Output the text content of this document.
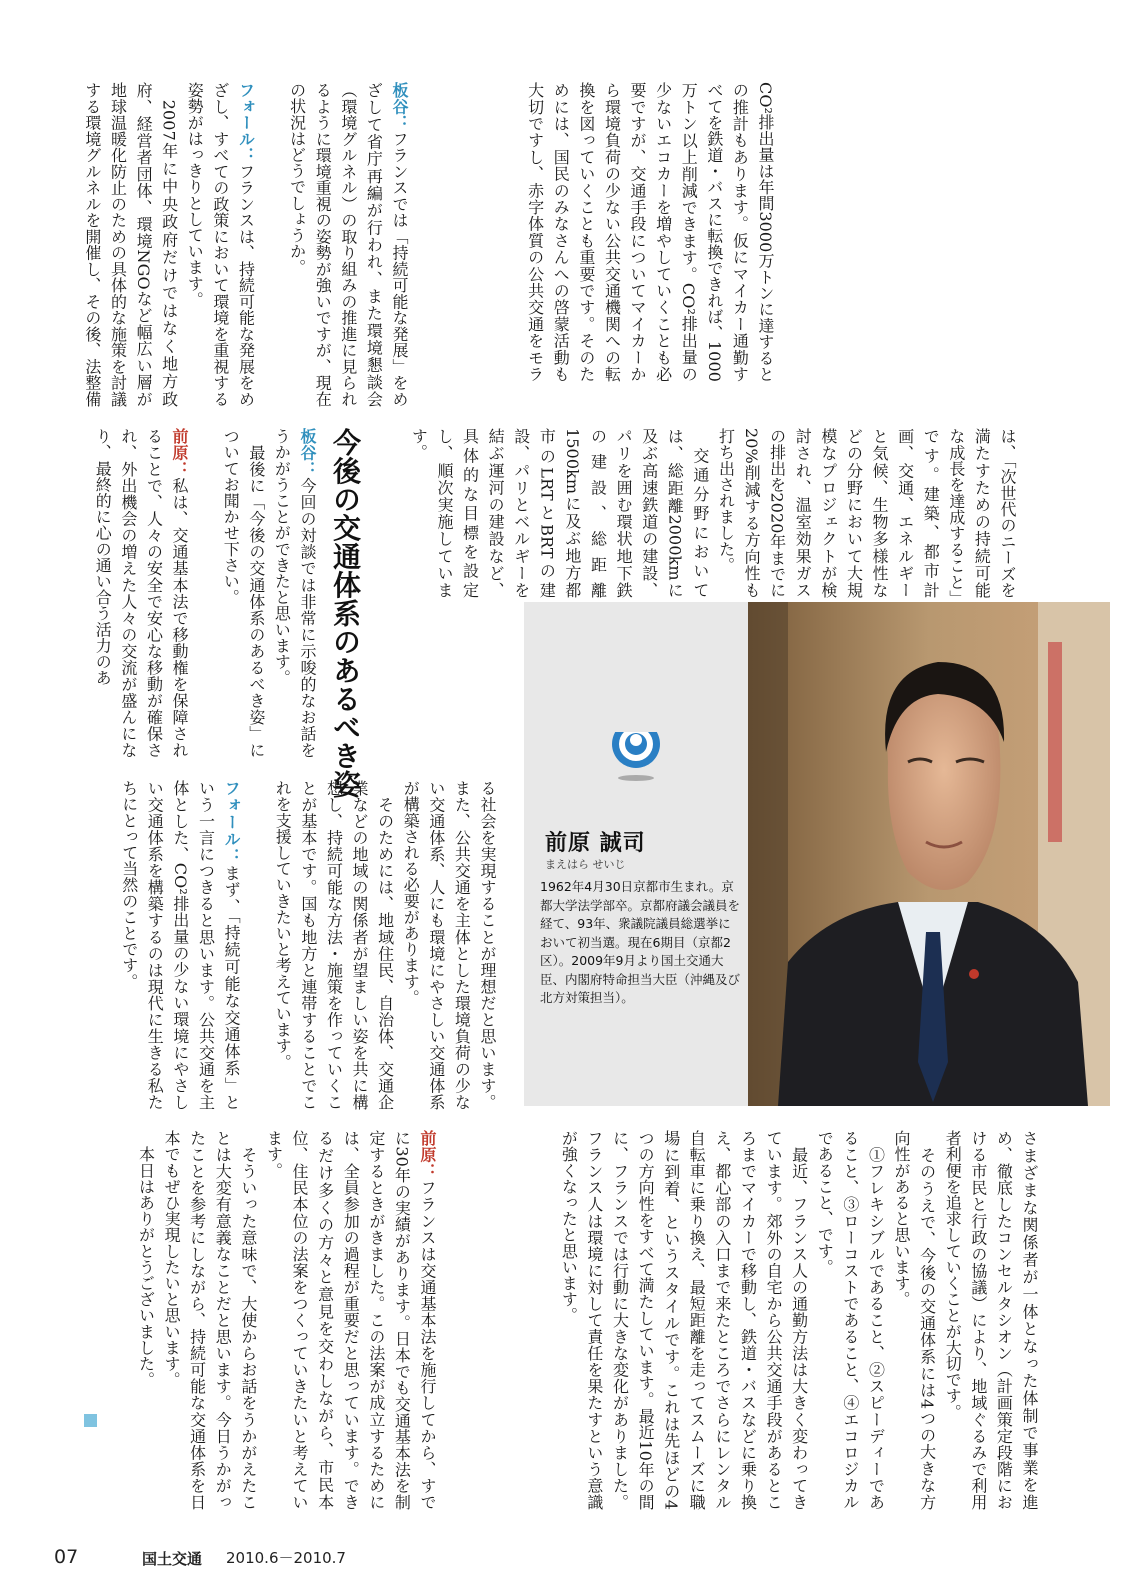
CO²排出量は年間3000万トンに達するとの推計もあります。仮にマイカー通勤すべてを鉄道・バスに転換できれば、1000万トン以上削減できます。CO²排出量の少ないエコカーを増やしていくことも必要ですが、交通手段についてマイカーから環境負荷の少ない公共交通機関への転換を図っていくことも重要です。そのためには、国民のみなさんへの啓蒙活動も大切ですし、赤字体質の公共交通をモラ

板谷：フランスでは「持続可能な発展」をめざして省庁再編が行われ、また環境懇談会（環境グルネル）の取り組みの推進に見られるように環境重視の姿勢が強いですが、現在の状況はどうでしょうか。

フォール：フランスは、持続可能な発展をめざし、すべての政策において環境を重視する姿勢がはっきりとしています。
　2007年に中央政府だけではなく地方政府、経営者団体、環境NGOなど幅広い層が地球温暖化防止のための具体的な施策を討議する環境グルネルを開催し、その後、法整備
は、「次世代のニーズを満たすための持続可能な成長を達成すること」です。建築、都市計画、交通、エネルギーと気候、生物多様性などの分野において大規模なプロジェクトが検討され、温室効果ガスの排出を2020年までに20%削減する方向性も打ち出されました。
　交通分野においては、総距離2000kmに及ぶ高速鉄道の建設、パリを囲む環状地下鉄の建設、総距離1500kmに及ぶ地方都市のLRTとBRTの建設、パリとベルギーを結ぶ運河の建設など、具体的な目標を設定し、順次実施しています。
今後の交通体系のあるべき姿
板谷：今回の対談では非常に示唆的なお話をうかがうことができたと思います。
　最後に「今後の交通体系のあるべき姿」についてお聞かせ下さい。

前原：私は、交通基本法で移動権を保障されることで、人々の安全で安心な移動が確保され、外出機会の増えた人々の交流が盛んになり、最終的に心の通い合う活力のあ
る社会を実現することが理想だと思います。また、公共交通を主体とした環境負荷の少ない交通体系、人にも環境にやさしい交通体系が構築される必要があります。
　そのためには、地域住民、自治体、交通企業などの地域の関係者が望ましい姿を共に構想し、持続可能な方法・施策を作っていくことが基本です。国も地方と連帯することでこれを支援していきたいと考えています。

フォール：まず、「持続可能な交通体系」という一言につきると思います。公共交通を主体とした、CO²排出量の少ない環境にやさしい交通体系を構築するのは現代に生きる私たちにとって当然のことです。	前原 誠司
まえはら せいじ
1962年4月30日京都市生まれ。京都大学法学部卒。京都府議会議員を経て、93年、衆議院議員総選挙において初当選。現在6期目（京都2区）。2009年9月より国土交通大臣、内閣府特命担当大臣（沖縄及び北方対策担当）。
さまざまな関係者が一体となった体制で事業を進め、徹底したコンセルタシオン（計画策定段階における市民と行政の協議）により、地域ぐるみで利用者利便を追求していくことが大切です。
　そのうえで、今後の交通体系には4つの大きな方向性があると思います。
　①フレキシブルであること、②スピーディーであること、③ローコストであること、④エコロジカルであること、です。
　最近、フランス人の通勤方法は大きく変わってきています。郊外の自宅から公共交通手段があるところまでマイカーで移動し、鉄道・バスなどに乗り換え、都心部の入口まで来たところでさらにレンタル自転車に乗り換え、最短距離を走ってスムーズに職場に到着、というスタイルです。これは先ほどの4つの方向性をすべて満たしています。最近10年の間に、フランスでは行動に大きな変化がありました。フランス人は環境に対して責任を果たすという意識が強くなったと思います。
前原：フランスは交通基本法を施行してから、すでに30年の実績があります。日本でも交通基本法を制定するときがきました。この法案が成立するためには、全員参加の過程が重要だと思っています。できるだけ多くの方々と意見を交わしながら、市民本位、住民本位の法案をつくっていきたいと考えています。
　そういった意味で、大使からお話をうかがえたことは大変有意義なことだと思います。今日うかがったことを参考にしながら、持続可能な交通体系を日本でもぜひ実現したいと思います。
　本日はありがとうございました。
07	国土交通 2010.6－2010.7
